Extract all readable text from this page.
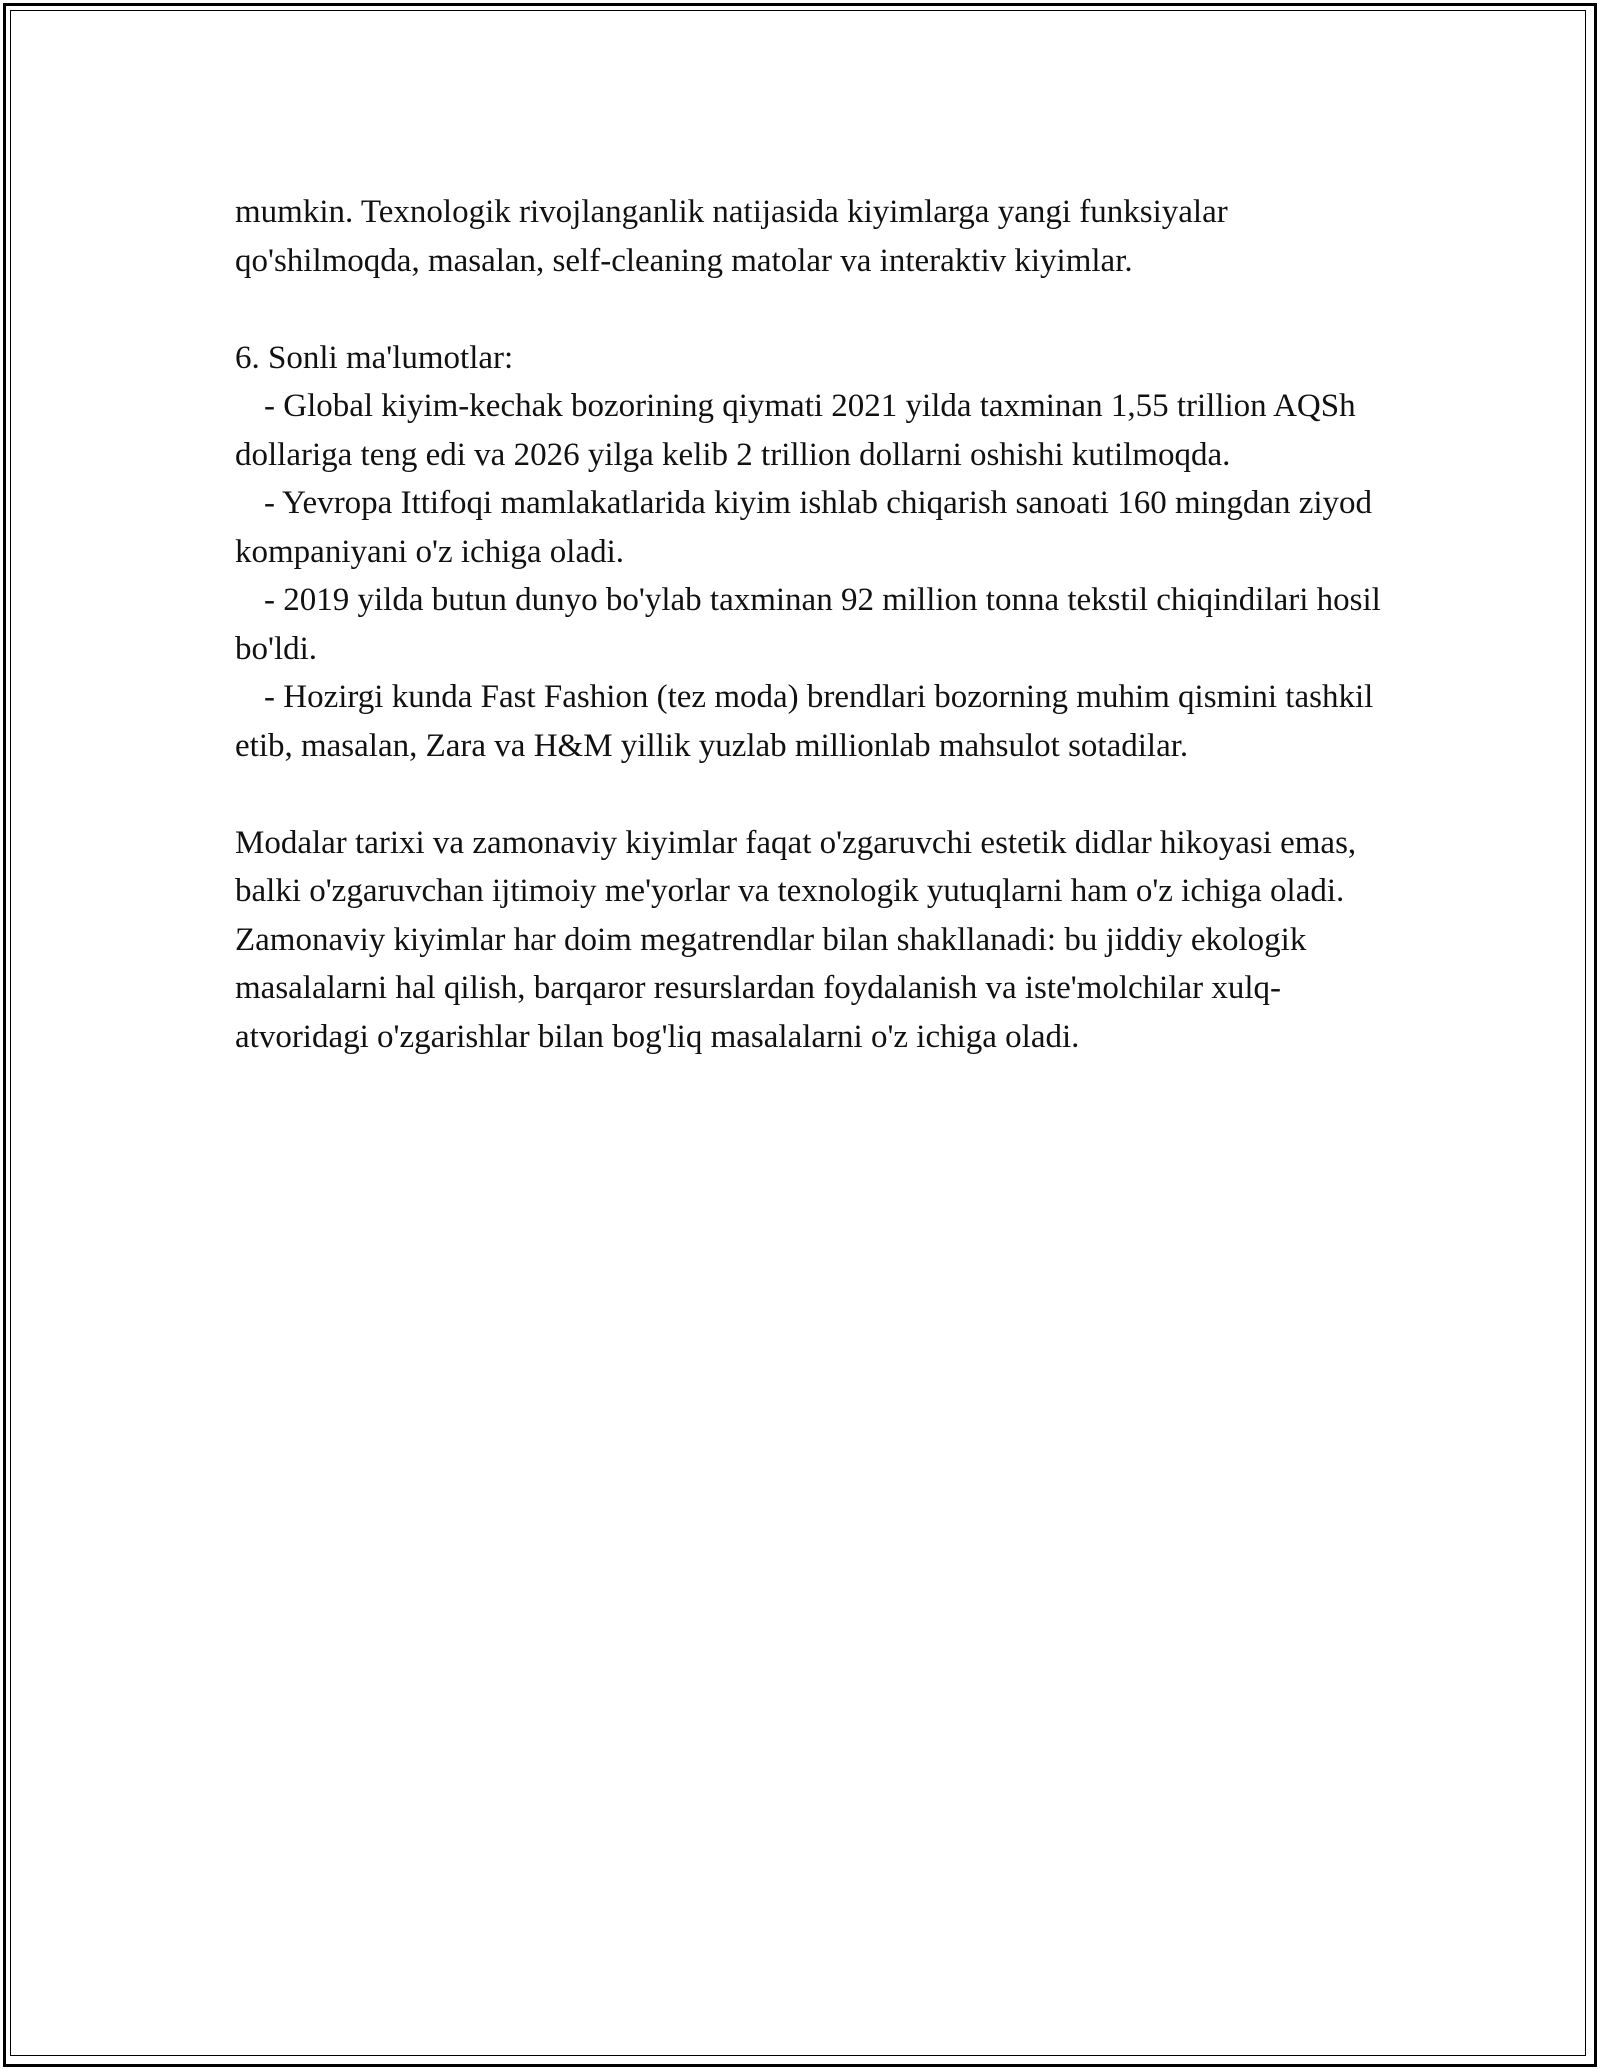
mumkin. Texnologik rivojlanganlik natijasida kiyimlarga yangi funksiyalar qo'shilmoqda, masalan, self-cleaning matolar va interaktiv kiyimlar.

6. Sonli ma'lumotlar:

- Global kiyim-kechak bozorining qiymati 2021 yilda taxminan 1,55 trillion AQSh dollariga teng edi va 2026 yilga kelib 2 trillion dollarni oshishi kutilmoqda.

- Yevropa Ittifoqi mamlakatlarida kiyim ishlab chiqarish sanoati 160 mingdan ziyod kompaniyani o'z ichiga oladi.

- 2019 yilda butun dunyo bo'ylab taxminan 92 million tonna tekstil chiqindilari hosil bo'ldi.

- Hozirgi kunda Fast Fashion (tez moda) brendlari bozorning muhim qismini tashkil etib, masalan, Zara va H&M yillik yuzlab millionlab mahsulot sotadilar.

Modalar tarixi va zamonaviy kiyimlar faqat o'zgaruvchi estetik didlar hikoyasi emas, balki o'zgaruvchan ijtimoiy me'yorlar va texnologik yutuqlarni ham o'z ichiga oladi. Zamonaviy kiyimlar har doim megatrendlar bilan shakllanadi: bu jiddiy ekologik masalalarni hal qilish, barqaror resurslardan foydalanish va iste'molchilar xulq-atvoridagi o'zgarishlar bilan bog'liq masalalarni o'z ichiga oladi.
